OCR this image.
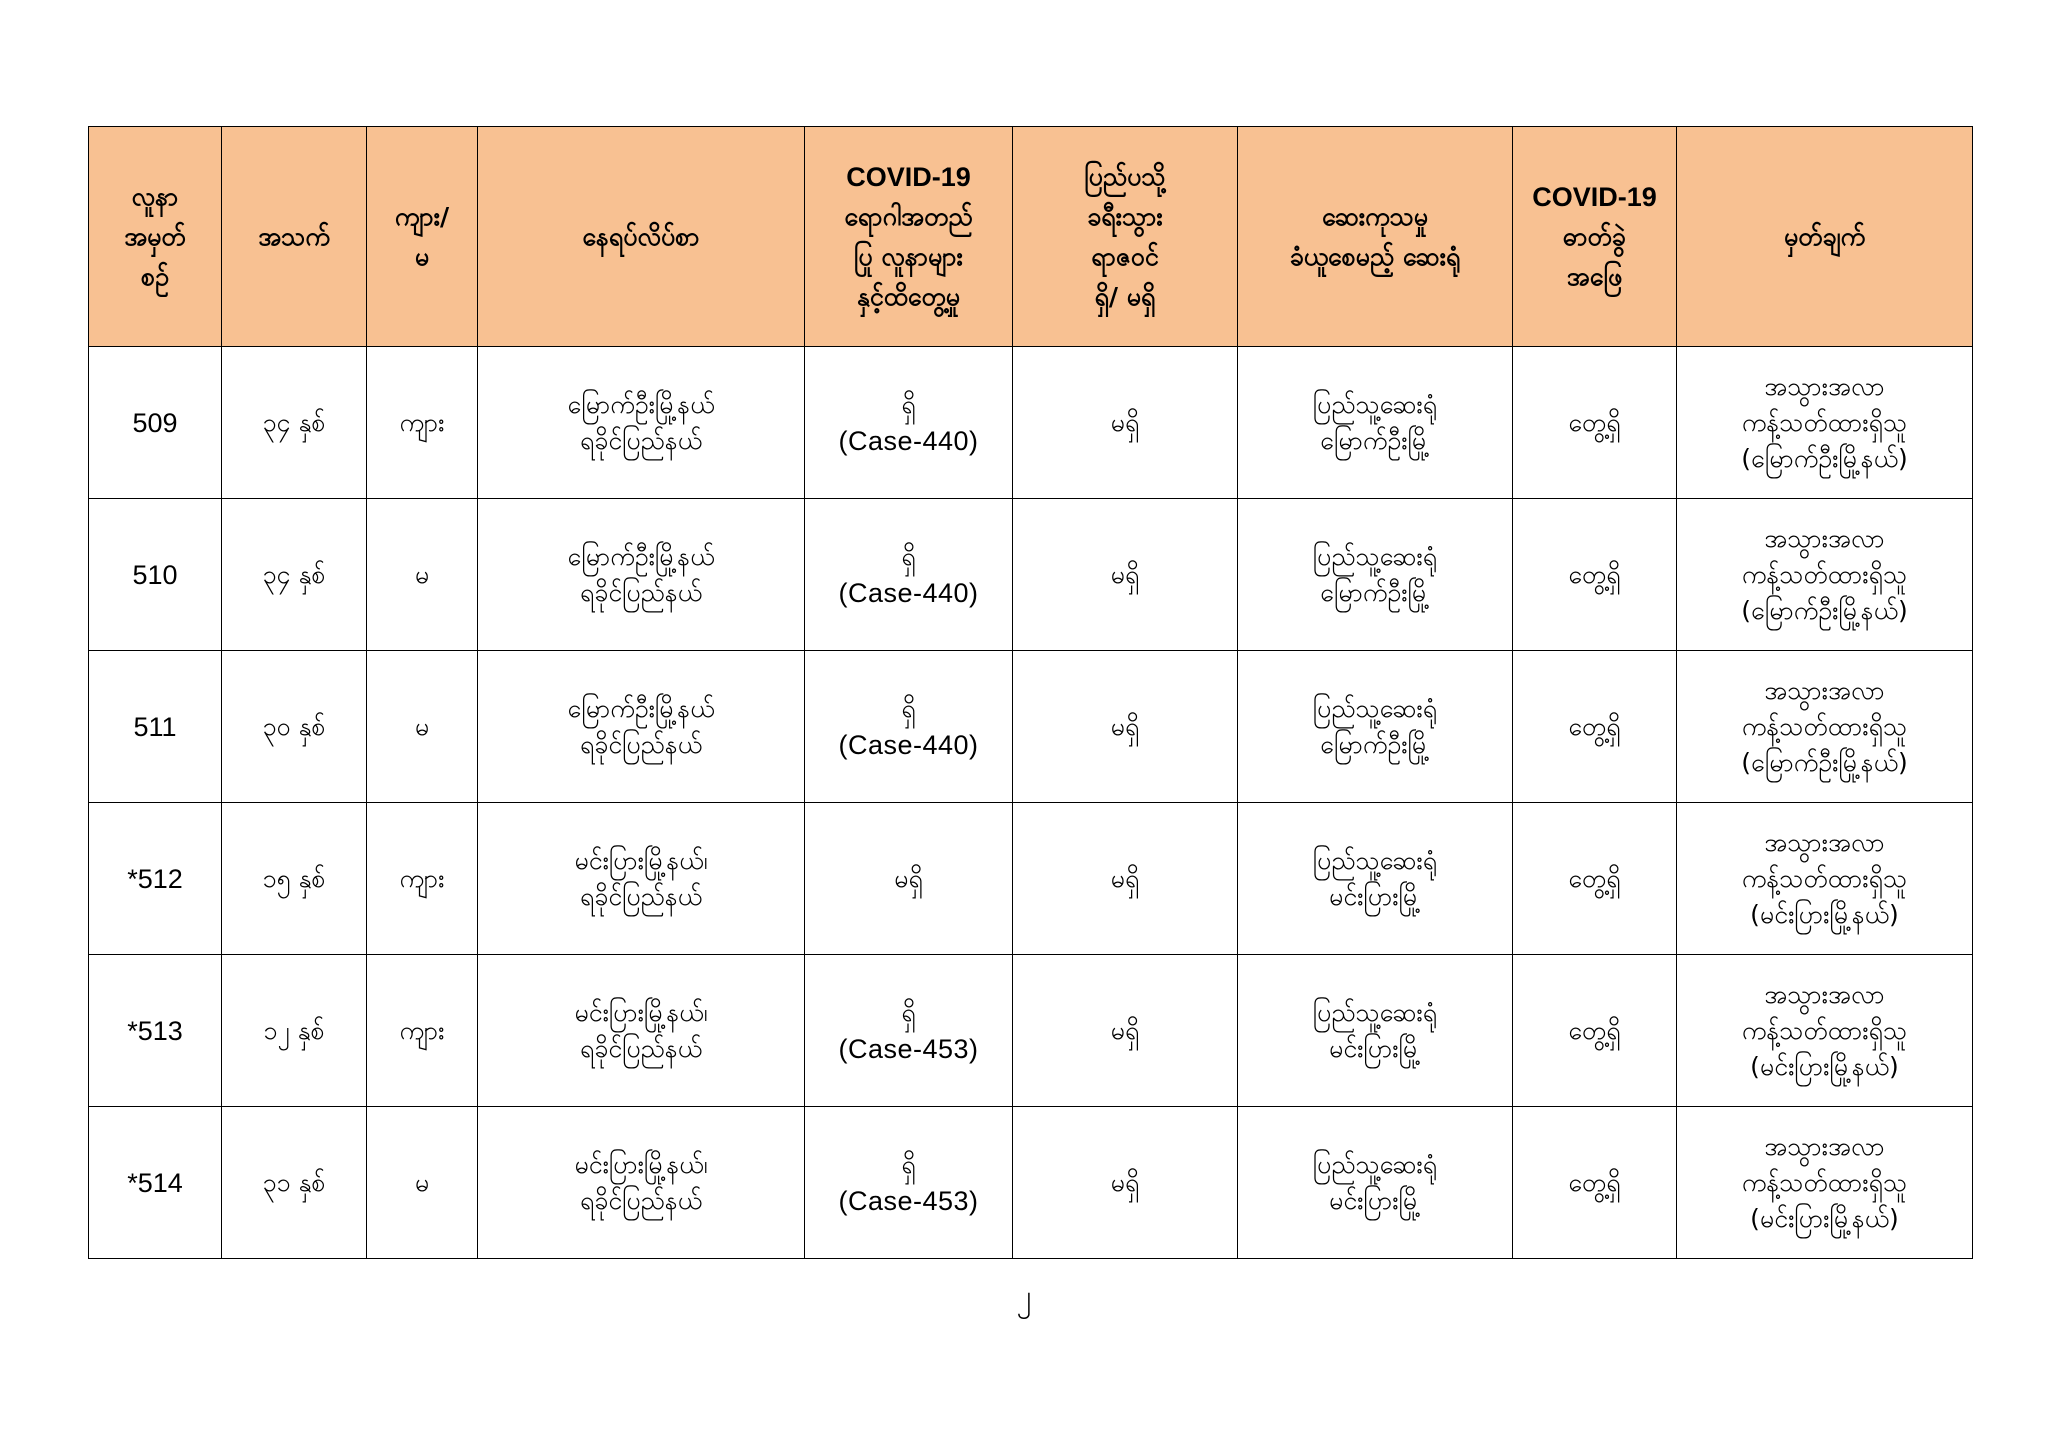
လူနာ
အမှတ်
စဉ်	အသက်	ကျား/
မ	နေရပ်လိပ်စာ	COVID-19
ရောဂါအတည်
ပြု လူနာများ
နှင့်ထိတွေ့မှု	ပြည်ပသို့
ခရီးသွား
ရာဇဝင်
ရှိ/ မရှိ	ဆေးကုသမှု
ခံယူစေမည့် ဆေးရုံ	COVID-19
ဓာတ်ခွဲ
အဖြေ	မှတ်ချက်

509	၃၄ နှစ်	ကျား	မြောက်ဦးမြို့နယ်
ရခိုင်ပြည်နယ်	ရှိ
(Case-440)	မရှိ	ပြည်သူ့ဆေးရုံ
မြောက်ဦးမြို့	တွေ့ရှိ	အသွားအလာ
ကန့်သတ်ထားရှိသူ
(မြောက်ဦးမြို့နယ်)

510	၃၄ နှစ်	မ	မြောက်ဦးမြို့နယ်
ရခိုင်ပြည်နယ်	ရှိ
(Case-440)	မရှိ	ပြည်သူ့ဆေးရုံ
မြောက်ဦးမြို့	တွေ့ရှိ	အသွားအလာ
ကန့်သတ်ထားရှိသူ
(မြောက်ဦးမြို့နယ်)

511	၃၀ နှစ်	မ	မြောက်ဦးမြို့နယ်
ရခိုင်ပြည်နယ်	ရှိ
(Case-440)	မရှိ	ပြည်သူ့ဆေးရုံ
မြောက်ဦးမြို့	တွေ့ရှိ	အသွားအလာ
ကန့်သတ်ထားရှိသူ
(မြောက်ဦးမြို့နယ်)

*512	၁၅ နှစ်	ကျား	မင်းပြားမြို့နယ်၊
ရခိုင်ပြည်နယ်	မရှိ	မရှိ	ပြည်သူ့ဆေးရုံ
မင်းပြားမြို့	တွေ့ရှိ	အသွားအလာ
ကန့်သတ်ထားရှိသူ
(မင်းပြားမြို့နယ်)

*513	၁၂ နှစ်	ကျား	မင်းပြားမြို့နယ်၊
ရခိုင်ပြည်နယ်	ရှိ
(Case-453)	မရှိ	ပြည်သူ့ဆေးရုံ
မင်းပြားမြို့	တွေ့ရှိ	အသွားအလာ
ကန့်သတ်ထားရှိသူ
(မင်းပြားမြို့နယ်)

*514	၃၁ နှစ်	မ	မင်းပြားမြို့နယ်၊
ရခိုင်ပြည်နယ်	ရှိ
(Case-453)	မရှိ	ပြည်သူ့ဆေးရုံ
မင်းပြားမြို့	တွေ့ရှိ	အသွားအလာ
ကန့်သတ်ထားရှိသူ
(မင်းပြားမြို့နယ်)
၂
